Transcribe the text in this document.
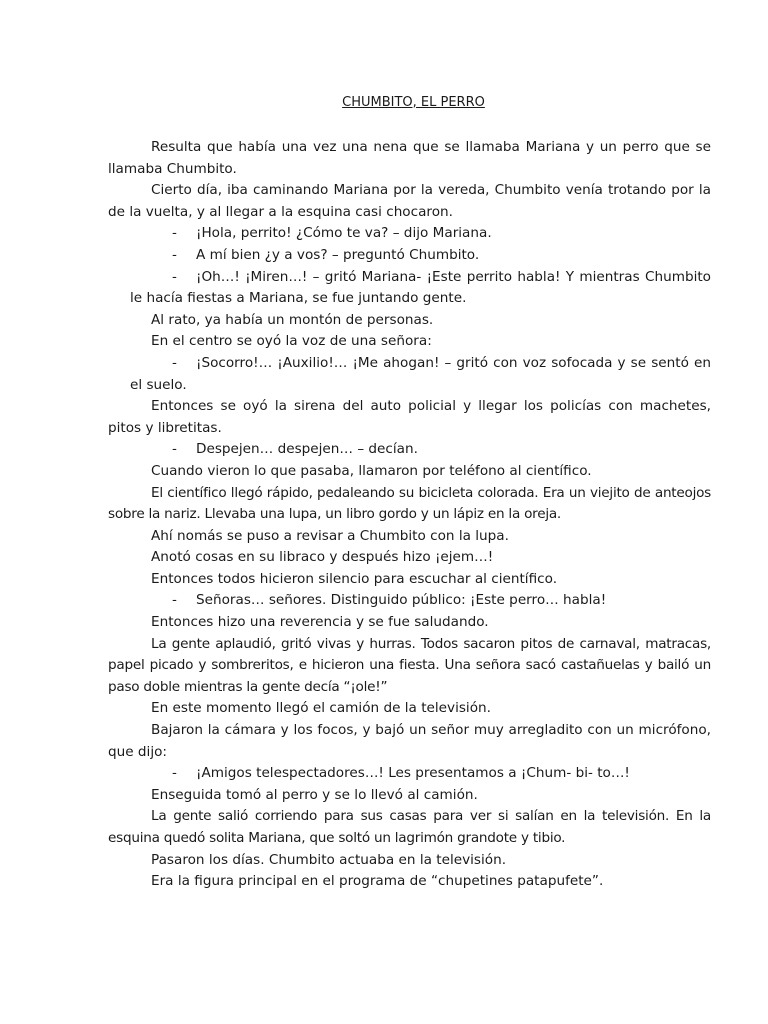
CHUMBITO, EL PERRO

Resulta que había una vez una nena que se llamaba Mariana y un perro que se llamaba Chumbito.

Cierto día, iba caminando Mariana por la vereda, Chumbito venía trotando por la de la vuelta, y al llegar a la esquina casi chocaron.

- ¡Hola, perrito! ¿Cómo te va? – dijo Mariana.

- A mí bien ¿y a vos? – preguntó Chumbito.

- ¡Oh…! ¡Miren…! – gritó Mariana- ¡Este perrito habla! Y mientras Chumbito le hacía fiestas a Mariana, se fue juntando gente.

Al rato, ya había un montón de personas.

En el centro se oyó la voz de una señora:

- ¡Socorro!… ¡Auxilio!… ¡Me ahogan! – gritó con voz sofocada y se sentó en el suelo.

Entonces se oyó la sirena del auto policial y llegar los policías con machetes, pitos y libretitas.

- Despejen… despejen… – decían.

Cuando vieron lo que pasaba, llamaron por teléfono al científico.

El científico llegó rápido, pedaleando su bicicleta colorada. Era un viejito de anteojos sobre la nariz. Llevaba una lupa, un libro gordo y un lápiz en la oreja.

Ahí nomás se puso a revisar a Chumbito con la lupa.

Anotó cosas en su libraco y después hizo ¡ejem…!

Entonces todos hicieron silencio para escuchar al científico.

- Señoras… señores. Distinguido público: ¡Este perro… habla!

Entonces hizo una reverencia y se fue saludando.

La gente aplaudió, gritó vivas y hurras. Todos sacaron pitos de carnaval, matracas, papel picado y sombreritos, e hicieron una fiesta. Una señora sacó castañuelas y bailó un paso doble mientras la gente decía “¡ole!”

En este momento llegó el camión de la televisión.

Bajaron la cámara y los focos, y bajó un señor muy arregladito con un micrófono, que dijo:

- ¡Amigos telespectadores…! Les presentamos a ¡Chum- bi- to…!

Enseguida tomó al perro y se lo llevó al camión.

La gente salió corriendo para sus casas para ver si salían en la televisión. En la esquina quedó solita Mariana, que soltó un lagrimón grandote y tibio.

Pasaron los días. Chumbito actuaba en la televisión.

Era la figura principal en el programa de “chupetines patapufete”.
